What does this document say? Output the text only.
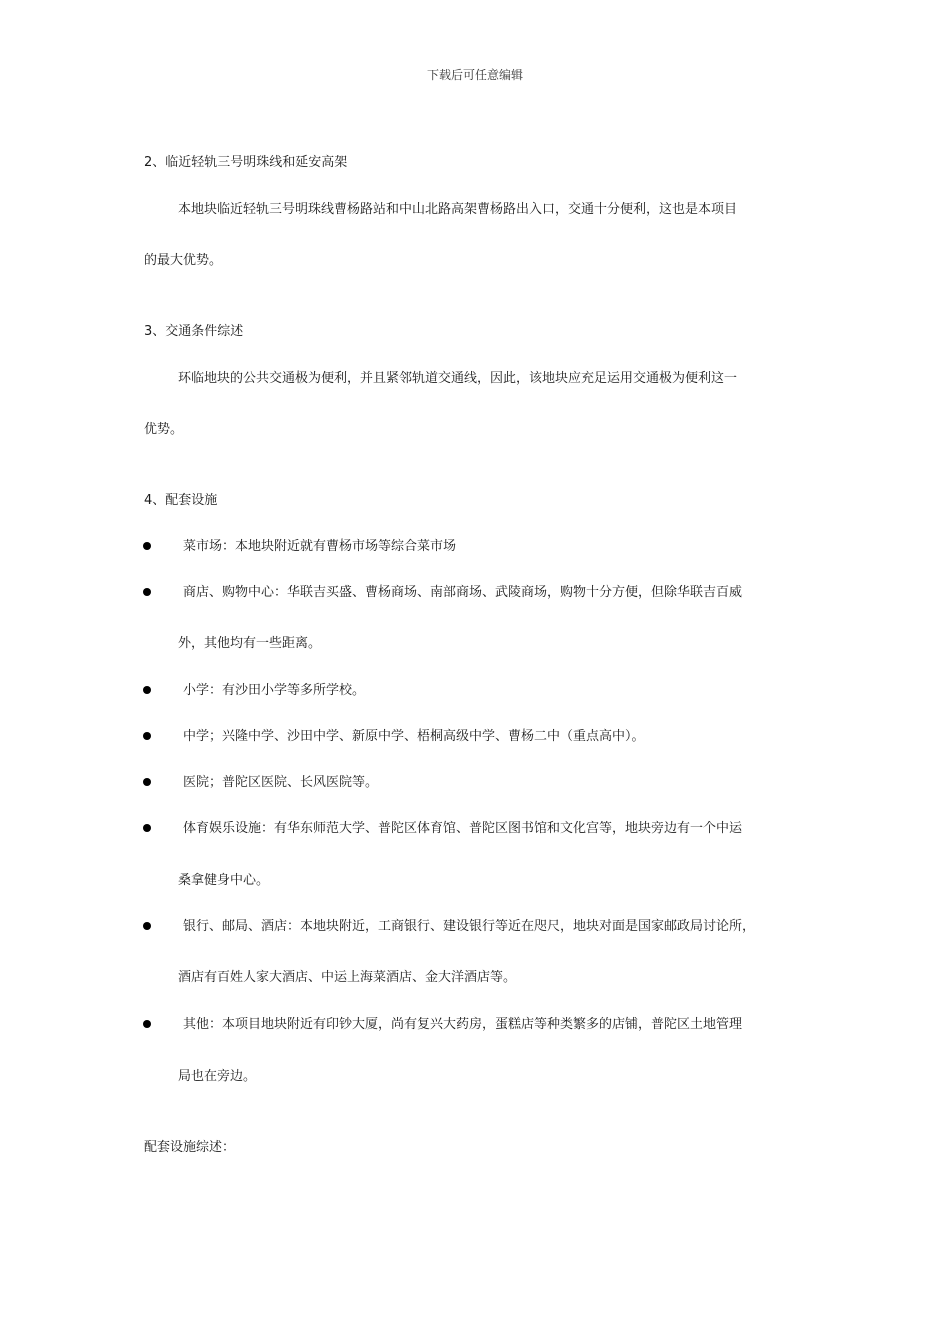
下载后可任意编辑
2、临近轻轨三号明珠线和延安高架
本地块临近轻轨三号明珠线曹杨路站和中山北路高架曹杨路出入口，交通十分便利，这也是本项目
的最大优势。
3、交通条件综述
环临地块的公共交通极为便利，并且紧邻轨道交通线，因此，该地块应充足运用交通极为便利这一
优势。
4、配套设施
菜市场：本地块附近就有曹杨市场等综合菜市场
商店、购物中心：华联吉买盛、曹杨商场、南部商场、武陵商场，购物十分方便，但除华联吉百威
外，其他均有一些距离。
小学：有沙田小学等多所学校。
中学；兴隆中学、沙田中学、新原中学、梧桐高级中学、曹杨二中（重点高中）。
医院；普陀区医院、长风医院等。
体育娱乐设施：有华东师范大学、普陀区体育馆、普陀区图书馆和文化宫等，地块旁边有一个中运
桑拿健身中心。
银行、邮局、酒店：本地块附近，工商银行、建设银行等近在咫尺，地块对面是国家邮政局讨论所，
酒店有百姓人家大酒店、中运上海菜酒店、金大洋酒店等。
其他：本项目地块附近有印钞大厦，尚有复兴大药房，蛋糕店等种类繁多的店铺，普陀区土地管理
局也在旁边。
配套设施综述：
